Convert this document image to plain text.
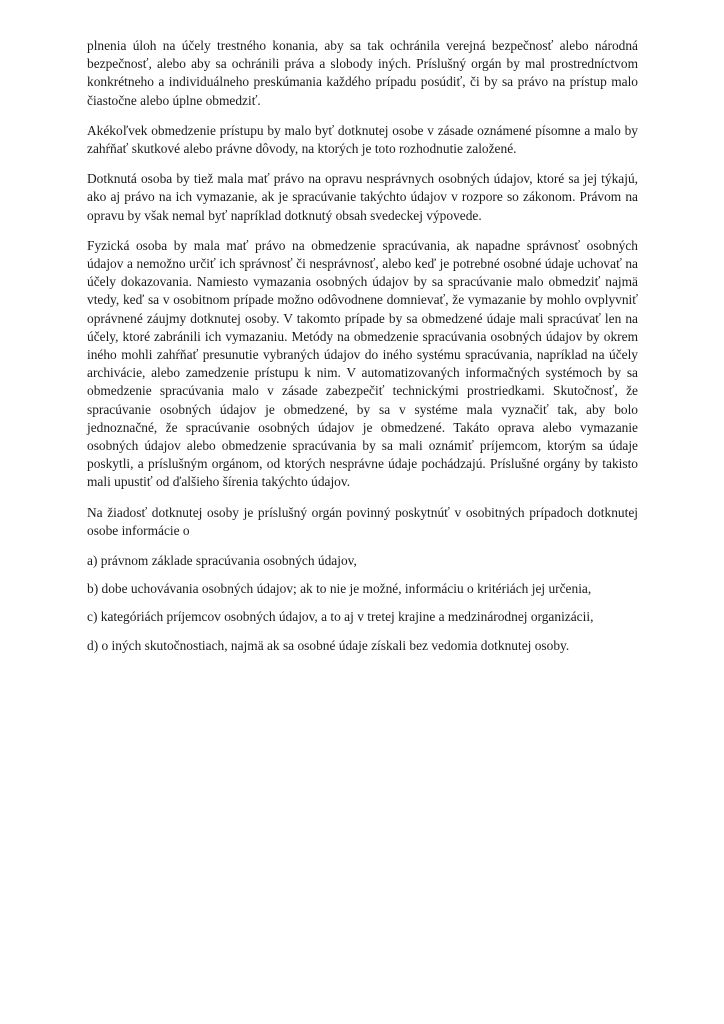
plnenia úloh na účely trestného konania, aby sa tak ochránila verejná bezpečnosť alebo národná bezpečnosť, alebo aby sa ochránili práva a slobody iných. Príslušný orgán by mal prostredníctvom konkrétneho a individuálneho preskúmania každého prípadu posúdiť, či by sa právo na prístup malo čiastočne alebo úplne obmedziť.

Akékoľvek obmedzenie prístupu by malo byť dotknutej osobe v zásade oznámené písomne a malo by zahŕňať skutkové alebo právne dôvody, na ktorých je toto rozhodnutie založené.

Dotknutá osoba by tiež mala mať právo na opravu nesprávnych osobných údajov, ktoré sa jej týkajú, ako aj právo na ich vymazanie, ak je spracúvanie takýchto údajov v rozpore so zákonom. Právom na opravu by však nemal byť napríklad dotknutý obsah svedeckej výpovede.

Fyzická osoba by mala mať právo na obmedzenie spracúvania, ak napadne správnosť osobných údajov a nemožno určiť ich správnosť či nesprávnosť, alebo keď je potrebné osobné údaje uchovať na účely dokazovania. Namiesto vymazania osobných údajov by sa spracúvanie malo obmedziť najmä vtedy, keď sa v osobitnom prípade možno odôvodnene domnievať, že vymazanie by mohlo ovplyvniť oprávnené záujmy dotknutej osoby. V takomto prípade by sa obmedzené údaje mali spracúvať len na účely, ktoré zabránili ich vymazaniu. Metódy na obmedzenie spracúvania osobných údajov by okrem iného mohli zahŕňať presunutie vybraných údajov do iného systému spracúvania, napríklad na účely archivácie, alebo zamedzenie prístupu k nim. V automatizovaných informačných systémoch by sa obmedzenie spracúvania malo v zásade zabezpečiť technickými prostriedkami. Skutočnosť, že spracúvanie osobných údajov je obmedzené, by sa v systéme mala vyznačiť tak, aby bolo jednoznačné, že spracúvanie osobných údajov je obmedzené. Takáto oprava alebo vymazanie osobných údajov alebo obmedzenie spracúvania by sa mali oznámiť príjemcom, ktorým sa údaje poskytli, a príslušným orgánom, od ktorých nesprávne údaje pochádzajú. Príslušné orgány by takisto mali upustiť od ďalšieho šírenia takýchto údajov.

Na žiadosť dotknutej osoby je príslušný orgán povinný poskytnúť v osobitných prípadoch dotknutej osobe informácie o

a) právnom základe spracúvania osobných údajov,
b) dobe uchovávania osobných údajov; ak to nie je možné, informáciu o kritériách jej určenia,
c) kategóriách príjemcov osobných údajov, a to aj v tretej krajine a medzinárodnej organizácii,
d) o iných skutočnostiach, najmä ak sa osobné údaje získali bez vedomia dotknutej osoby.
